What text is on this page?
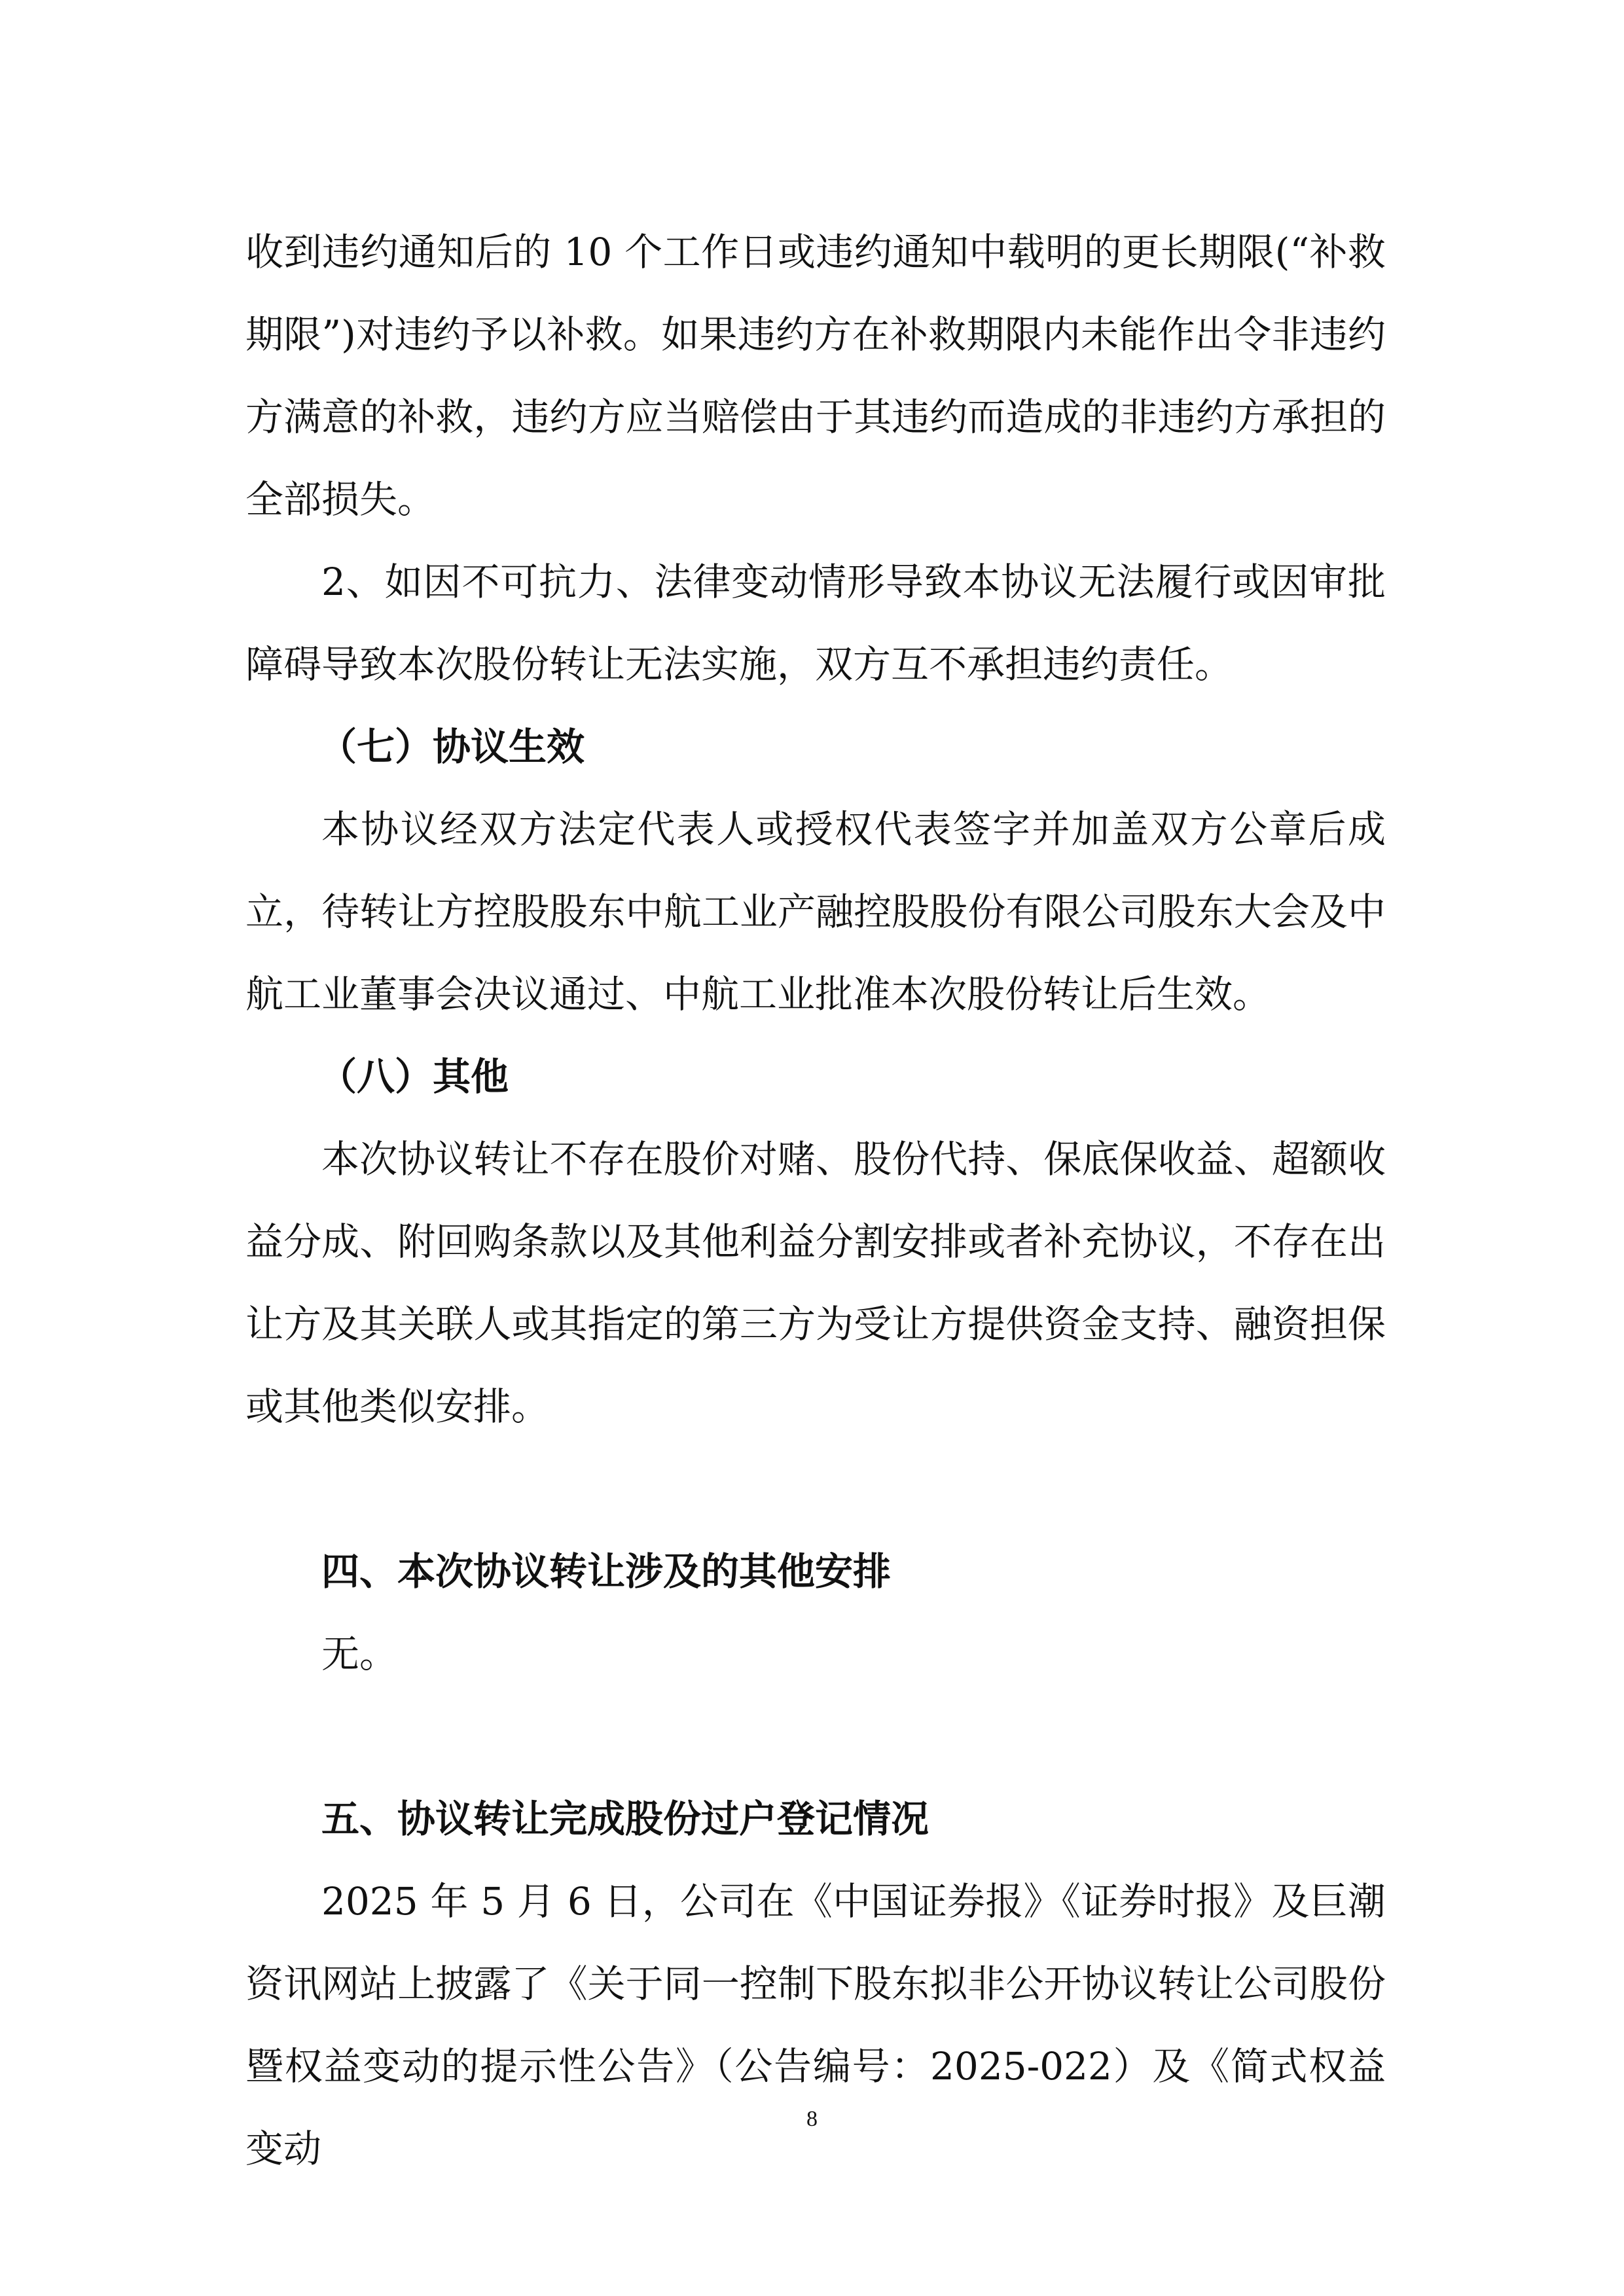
收到违约通知后的 10 个工作日或违约通知中载明的更长期限(“补救期限”)对违约予以补救。如果违约方在补救期限内未能作出令非违约方满意的补救，违约方应当赔偿由于其违约而造成的非违约方承担的全部损失。

2、如因不可抗力、法律变动情形导致本协议无法履行或因审批障碍导致本次股份转让无法实施，双方互不承担违约责任。

（七）协议生效

本协议经双方法定代表人或授权代表签字并加盖双方公章后成立，待转让方控股股东中航工业产融控股股份有限公司股东大会及中航工业董事会决议通过、中航工业批准本次股份转让后生效。

（八）其他

本次协议转让不存在股价对赌、股份代持、保底保收益、超额收益分成、附回购条款以及其他利益分割安排或者补充协议，不存在出让方及其关联人或其指定的第三方为受让方提供资金支持、融资担保或其他类似安排。

四、本次协议转让涉及的其他安排

无。

五、协议转让完成股份过户登记情况

2025 年 5 月 6 日，公司在《中国证券报》《证券时报》及巨潮资讯网站上披露了《关于同一控制下股东拟非公开协议转让公司股份暨权益变动的提示性公告》（公告编号：2025-022）及《简式权益变动

8
